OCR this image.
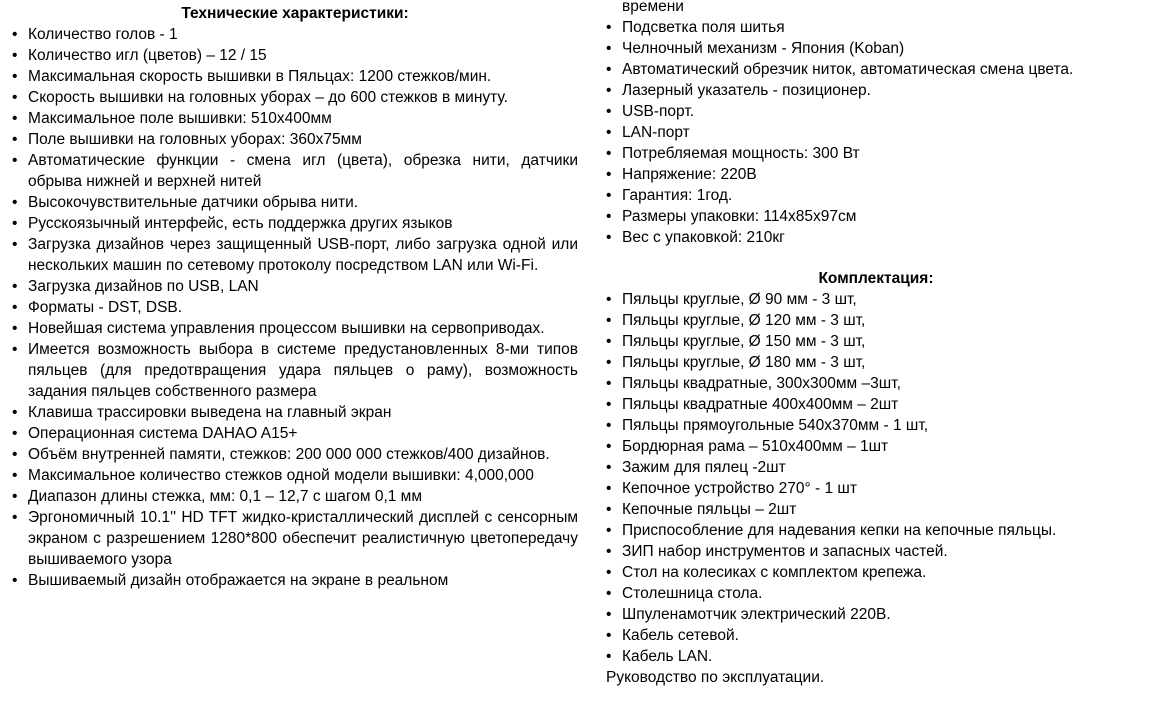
Технические характеристики:
• Количество голов - 1
• Количество игл (цветов) – 12 / 15
• Максимальная скорость вышивки в Пяльцах: 1200 стежков/мин.
• Скорость вышивки на головных уборах – до 600 стежков в минуту.
• Максимальное поле вышивки: 510х400мм
• Поле вышивки на головных уборах: 360х75мм
• Автоматические функции - смена игл (цвета), обрезка нити, датчики обрыва нижней и верхней нитей
• Высокочувствительные датчики обрыва нити.
• Русскоязычный интерфейс, есть поддержка других языков
• Загрузка дизайнов через защищенный USB-порт, либо загрузка одной или нескольких машин по сетевому протоколу посредством LAN или Wi-Fi.
• Загрузка дизайнов по USB, LAN
• Форматы - DST, DSB.
• Новейшая система управления процессом вышивки на сервоприводах.
• Имеется возможность выбора в системе предустановленных 8-ми типов пяльцев (для предотвращения удара пяльцев о раму), возможность задания пяльцев собственного размера
• Клавиша трассировки выведена на главный экран
• Операционная система DAHAO A15+
• Объём внутренней памяти, стежков: 200 000 000 стежков/400 дизайнов.
• Максимальное количество стежков одной модели вышивки: 4,000,000
• Диапазон длины стежка, мм: 0,1 – 12,7 с шагом 0,1 мм
• Эргономичный 10.1'' HD TFT жидко-кристаллический дисплей с сенсорным экраном с разрешением 1280*800 обеспечит реалистичную цветопередачу вышиваемого узора
• Вышиваемый дизайн отображается на экране в реальном
времени
• Подсветка поля шитья
• Челночный механизм - Япония (Koban)
• Автоматический обрезчик ниток, автоматическая смена цвета.
• Лазерный указатель - позиционер.
• USB-порт.
• LAN-порт
• Потребляемая мощность: 300 Вт
• Напряжение: 220В
• Гарантия: 1год.
• Размеры упаковки: 114х85х97см
• Вес с упаковкой: 210кг
Комплектация:
• Пяльцы круглые, Ø 90 мм - 3 шт,
• Пяльцы круглые, Ø 120 мм - 3 шт,
• Пяльцы круглые, Ø 150 мм - 3 шт,
• Пяльцы круглые, Ø 180 мм - 3 шт,
• Пяльцы квадратные, 300х300мм –3шт,
• Пяльцы квадратные 400х400мм – 2шт
• Пяльцы прямоугольные 540х370мм - 1 шт,
• Бордюрная рама – 510х400мм – 1шт
• Зажим для пялец -2шт
• Кепочное устройство 270° - 1 шт
• Кепочные пяльцы – 2шт
• Приспособление для надевания кепки на кепочные пяльцы.
• ЗИП набор инструментов и запасных частей.
• Стол на колесиках с комплектом крепежа.
• Столешница стола.
• Шпуленамотчик электрический 220В.
• Кабель сетевой.
• Кабель LAN.
Руководство по эксплуатации.
